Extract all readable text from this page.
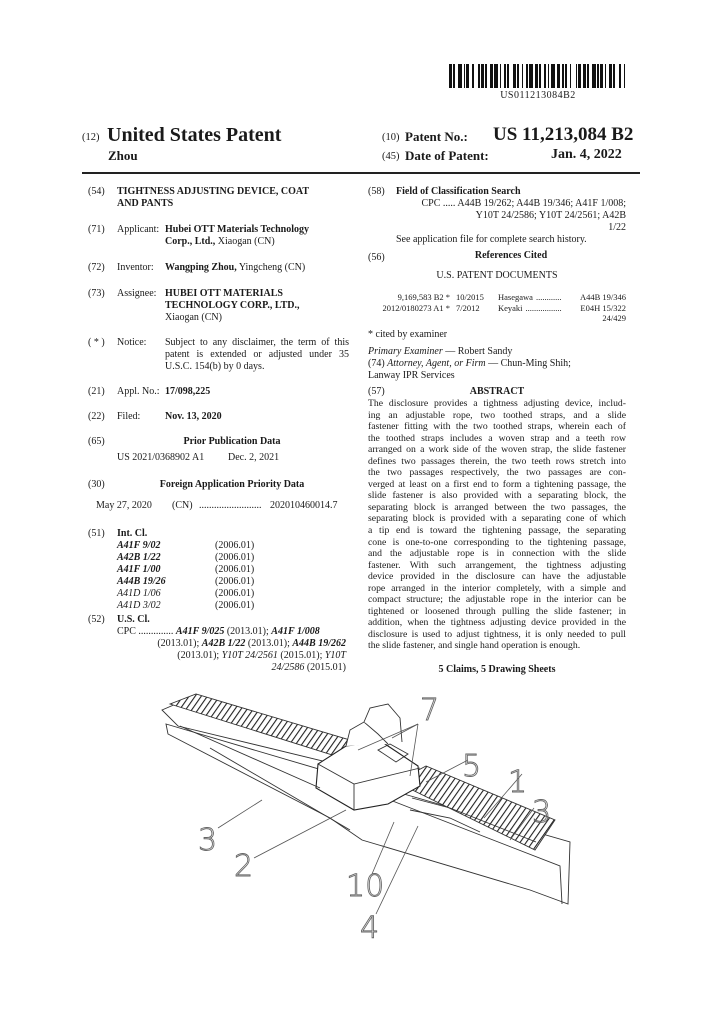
US011213084B2
(12) United States Patent
Zhou
(10) Patent No.: US 11,213,084 B2
(45) Date of Patent:	Jan. 4, 2022
(54) TIGHTNESS ADJUSTING DEVICE, COAT
AND PANTS
(71) Applicant: Hubei OTT Materials Technology
Corp., Ltd., Xiaogan (CN)
(72) Inventor: Wangping Zhou, Yingcheng (CN)
(73) Assignee: HUBEI OTT MATERIALS
TECHNOLOGY CORP., LTD.,
Xiaogan (CN)
( * ) Notice: Subject to any disclaimer, the term of this
patent is extended or adjusted under 35
U.S.C. 154(b) by 0 days.
(21) Appl. No.: 17/098,225
(22) Filed: Nov. 13, 2020
(65)	Prior Publication Data
US 2021/0368902 A1 Dec. 2, 2021
(30)	Foreign Application Priority Data
May 27, 2020 (CN) ......................... 202010460014.7
(51) Int. Cl.
A41F 9/02	(2006.01)
A42B 1/22	(2006.01)
A41F 1/00	(2006.01)
A44B 19/26	(2006.01)
A41D 1/06	(2006.01)
A41D 3/02	(2006.01)
(52) U.S. Cl.
CPC .............. A41F 9/025 (2013.01); A41F 1/008
(2013.01); A42B 1/22 (2013.01); A44B 19/262
(2013.01); Y10T 24/2561 (2015.01); Y10T
24/2586 (2015.01)
(58) Field of Classification Search
CPC ..... A44B 19/262; A44B 19/346; A41F 1/008;
Y10T 24/2586; Y10T 24/2561; A42B
1/22
See application file for complete search history.
(56)	References Cited
U.S. PATENT DOCUMENTS
9,169,583 B2 * 10/2015	Hasegawa ............	A44B 19/346
2012/0180273 A1 * 7/2012	Keyaki .................	E04H 15/322
24/429
* cited by examiner
Primary Examiner — Robert Sandy
(74) Attorney, Agent, or Firm — Chun-Ming Shih;
Lanway IPR Services
(57)	ABSTRACT
The disclosure provides a tightness adjusting device, includ-
ing an adjustable rope, two toothed straps, and a slide
fastener fitting with the two toothed straps, wherein each of
the toothed straps includes a woven strap and a teeth row
arranged on a work side of the woven strap, the slide fastener
defines two passages therein, the two teeth rows stretch into
the two passages respectively, the two passages are con-
verged at least on a first end to form a tightening passage, the
slide fastener is also provided with a separating block, the
separating block is arranged between the two passages, the
separating block is provided with a separating cone of which
a tip end is toward the tightening passage, the separating
cone is one-to-one corresponding to the tightening passage,
and the adjustable rope is in connection with the slide
fastener. With such arrangement, the tightness adjusting
device provided in the disclosure can have the adjustable
rope arranged in the interior completely, with a simple and
compact structure; the adjustable rope in the interior can be
tightened or loosened through pulling the slide fastener; in
addition, when the tightness adjusting device provided in the
disclosure is used to adjust tightness, it is only needed to pull
the slide fastener, and single hand operation is enough.
5 Claims, 5 Drawing Sheets
7
5 1
3
3
2
10
4
